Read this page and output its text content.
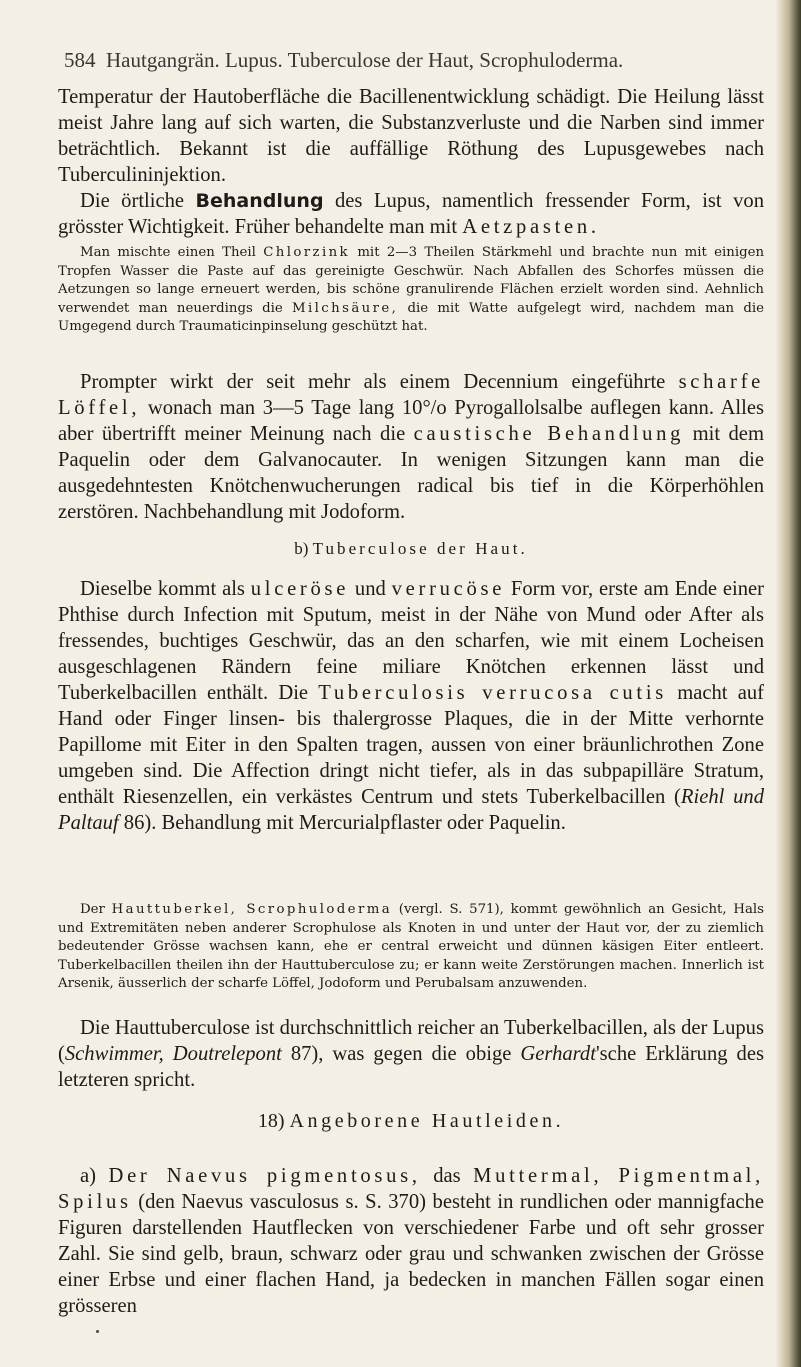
584 Hautgangrän. Lupus. Tuberculose der Haut, Scrophuloderma.

Temperatur der Hautoberfläche die Bacillenentwicklung schädigt. Die Heilung lässt meist Jahre lang auf sich warten, die Substanzverluste und die Narben sind immer beträchtlich. Bekannt ist die auffällige Röthung des Lupusgewebes nach Tuberculininjektion.

Die örtliche Behandlung des Lupus, namentlich fressender Form, ist von grösster Wichtigkeit. Früher behandelte man mit Aetzpasten.

Man mischte einen Theil Chlorzink mit 2—3 Theilen Stärkmehl und brachte nun mit einigen Tropfen Wasser die Paste auf das gereinigte Geschwür. Nach Abfallen des Schorfes müssen die Aetzungen so lange erneuert werden, bis schöne granulirende Flächen erzielt worden sind. Aehnlich verwendet man neuerdings die Milchsäure, die mit Watte aufgelegt wird, nachdem man die Umgegend durch Traumaticinpinselung geschützt hat.

Prompter wirkt der seit mehr als einem Decennium eingeführte scharfe Löffel, wonach man 3—5 Tage lang 10°/o Pyrogallolsalbe auflegen kann. Alles aber übertrifft meiner Meinung nach die caustische Behandlung mit dem Paquelin oder dem Galvanocauter. In wenigen Sitzungen kann man die ausgedehntesten Knötchenwucherungen radical bis tief in die Körperhöhlen zerstören. Nachbehandlung mit Jodoform.

b) Tuberculose der Haut.

Dieselbe kommt als ulceröse und verrucöse Form vor, erste am Ende einer Phthise durch Infection mit Sputum, meist in der Nähe von Mund oder After als fressendes, buchtiges Geschwür, das an den scharfen, wie mit einem Locheisen ausgeschlagenen Rändern feine miliare Knötchen erkennen lässt und Tuberkelbacillen enthält. Die Tuberculosis verrucosa cutis macht auf Hand oder Finger linsen- bis thalergrosse Plaques, die in der Mitte verhornte Papillome mit Eiter in den Spalten tragen, aussen von einer bräunlichrothen Zone umgeben sind. Die Affection dringt nicht tiefer, als in das subpapilläre Stratum, enthält Riesenzellen, ein verkästes Centrum und stets Tuberkelbacillen (Riehl und Paltauf 86). Behandlung mit Mercurialpflaster oder Paquelin.

Der Hauttuberkel, Scrophuloderma (vergl. S. 571), kommt gewöhnlich an Gesicht, Hals und Extremitäten neben anderer Scrophulose als Knoten in und unter der Haut vor, der zu ziemlich bedeutender Grösse wachsen kann, ehe er central erweicht und dünnen käsigen Eiter entleert. Tuberkelbacillen theilen ihn der Hauttuberculose zu; er kann weite Zerstörungen machen. Innerlich ist Arsenik, äusserlich der scharfe Löffel, Jodoform und Perubalsam anzuwenden.

Die Hauttuberculose ist durchschnittlich reicher an Tuberkelbacillen, als der Lupus (Schwimmer, Doutrelepont 87), was gegen die obige Gerhardt'sche Erklärung des letzteren spricht.

18) Angeborene Hautleiden.

a) Der Naevus pigmentosus, das Muttermal, Pigmentmal, Spilus (den Naevus vasculosus s. S. 370) besteht in rundlichen oder mannigfache Figuren darstellenden Hautflecken von verschiedener Farbe und oft sehr grosser Zahl. Sie sind gelb, braun, schwarz oder grau und schwanken zwischen der Grösse einer Erbse und einer flachen Hand, ja bedecken in manchen Fällen sogar einen grösseren
